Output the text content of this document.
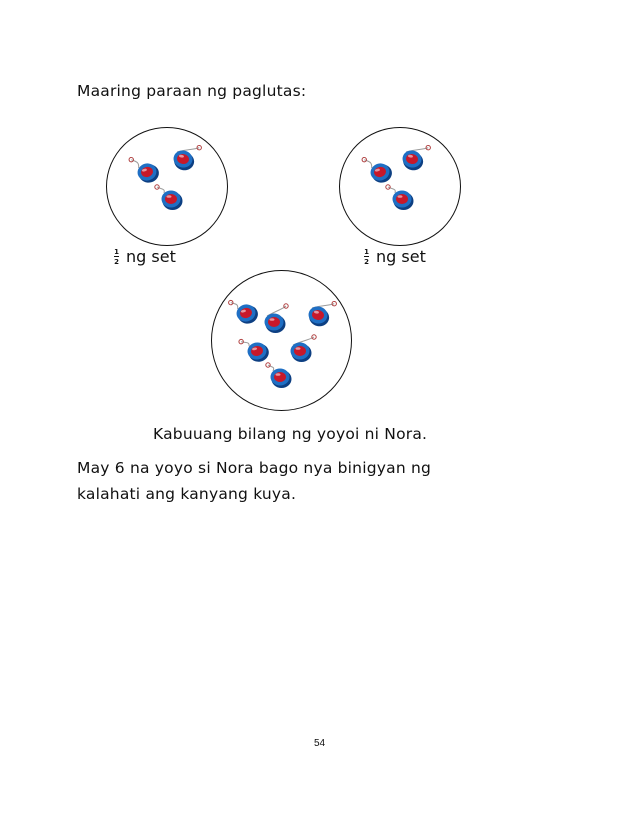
Maaring paraan ng paglutas:
$\frac{1}{2}$ ng set	$\frac{1}{2}$ ng set
Kabuuang bilang ng yoyoi ni Nora.
May 6 na yoyo si Nora bago nya binigyan ng
kalahati ang kanyang kuya.
54
